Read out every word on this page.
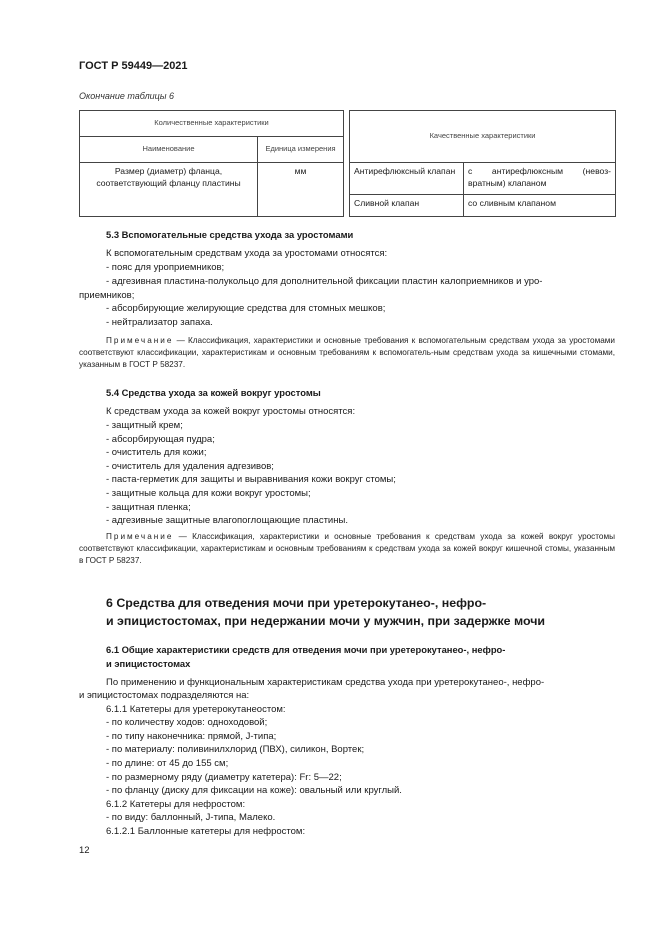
ГОСТ Р 59449—2021
Окончание таблицы 6
Количественные характеристики			Качественные характеристики	
Наименование	Единица измерения			
Размер (диаметр) фланца, соответствующий фланцу пластины	мм		Антирефлюксный клапан	с антирефлюксным (невоз-вратным) клапаном
			Сливной клапан	со сливным клапаном
5.3 Вспомогательные средства ухода за уростомами
К вспомогательным средствам ухода за уростомами относятся:
- пояс для уроприемников;
- адгезивная пластина-полукольцо для дополнительной фиксации пластин калоприемников и уро-
приемников;
- абсорбирующие желирующие средства для стомных мешков;
- нейтрализатор запаха.
Примечание — Классификация, характеристики и основные требования к вспомогательным средствам уходa за уростомами соответствуют классификации, характеристикам и основным требованиям к вспомогатель-ным средствам ухода за кишечными стомами, указанным в ГОСТ Р 58237.
5.4 Средства ухода за кожей вокруг уростомы
К средствам ухода за кожей вокруг уростомы относятся:
- защитный крем;
- абсорбирующая пудра;
- очиститель для кожи;
- очиститель для удаления адгезивов;
- паста-герметик для защиты и выравнивания кожи вокруг стомы;
- защитные кольца для кожи вокруг уростомы;
- защитная пленка;
- адгезивные защитные влагопоглощающие пластины.
Примечание — Классификация, характеристики и основные требования к средствам ухода за кожей вокруг уростомы соответствуют классификации, характеристикам и основным требованиям к средствам ухода за кожей вокруг кишечной стомы, указанным в ГОСТ Р 58237.
6 Средства для отведения мочи при уретерокутанео-, нефро-
и эпицистостомах, при недержании мочи у мужчин, при задержке мочи
6.1 Общие характеристики средств для отведения мочи при уретерокутанео-, нефро-
и эпицистостомах
По применению и функциональным характеристикам средства ухода при уретерокутанео-, нефро-
и эпицистостомах подразделяются на:
6.1.1 Катетеры для уретерокутанеостом:
- по количеству ходов: одноходовой;
- по типу наконечника: прямой, J-типа;
- по материалу: поливинилхлорид (ПВХ), силикон, Вортек;
- по длине: от 45 до 155 см;
- по размерному ряду (диаметру катетера): Fr: 5—22;
- по фланцу (диску для фиксации на коже): овальный или круглый.
6.1.2 Катетеры для нефростом:
- по виду: баллонный, J-типа, Малеко.
6.1.2.1 Баллонные катетеры для нефростом:
12
